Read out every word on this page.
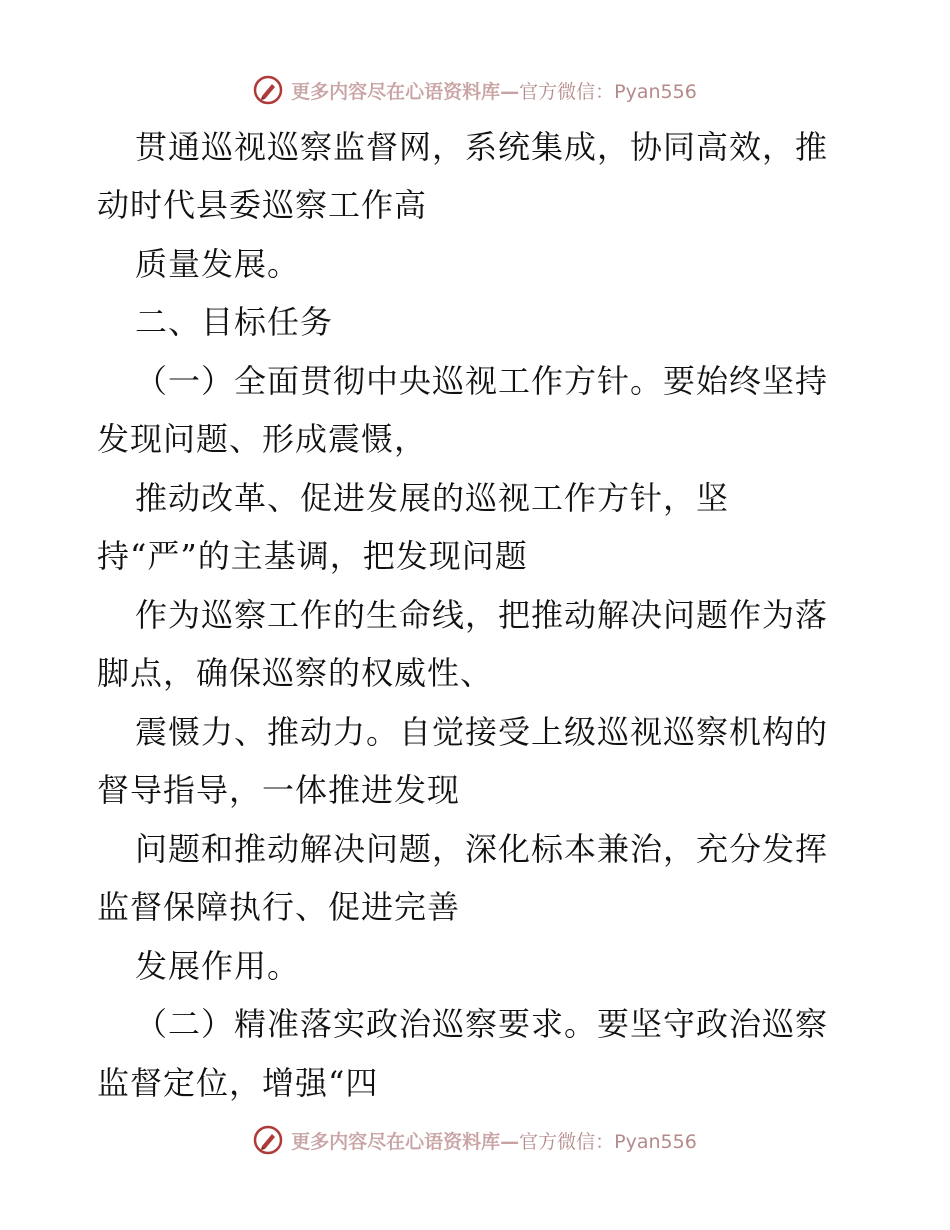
更多内容尽在心语资料库—官方微信：Pyan556
贯通巡视巡察监督网，系统集成，协同高效，推
动时代县委巡察工作高
质量发展。
二、目标任务
（一）全面贯彻中央巡视工作方针。要始终坚持
发现问题、形成震慑，
推动改革、促进发展的巡视工作方针，坚
持“严”的主基调，把发现问题
作为巡察工作的生命线，把推动解决问题作为落
脚点，确保巡察的权威性、
震慑力、推动力。自觉接受上级巡视巡察机构的
督导指导，一体推进发现
问题和推动解决问题，深化标本兼治，充分发挥
监督保障执行、促进完善
发展作用。
（二）精准落实政治巡察要求。要坚守政治巡察
监督定位，增强“四
更多内容尽在心语资料库—官方微信：Pyan556
